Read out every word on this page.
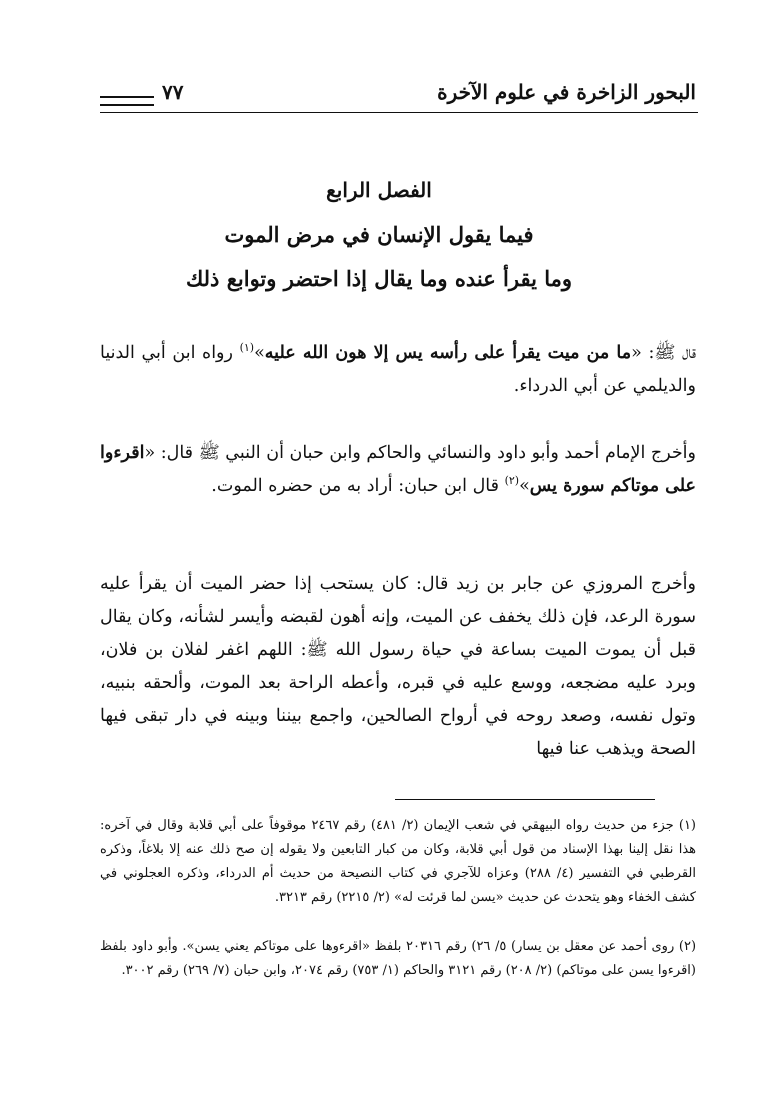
البحور الزاخرة في علوم الآخرة
٧٧
الفصل الرابع
فيما يقول الإنسان في مرض الموت
وما يقرأ عنده وما يقال إذا احتضر وتوابع ذلك
قال ﷺ: «ما من ميت يقرأ على رأسه يس إلا هون الله عليه»$^{(١)}$ رواه ابن أبي الدنيا والديلمي عن أبي الدرداء.
وأخرج الإمام أحمد وأبو داود والنسائي والحاكم وابن حبان أن النبي ﷺ قال: «اقرءوا على موتاكم سورة يس»$^{(٢)}$ قال ابن حبان: أراد به من حضره الموت.
وأخرج المروزي عن جابر بن زيد قال: كان يستحب إذا حضر الميت أن يقرأ عليه سورة الرعد، فإن ذلك يخفف عن الميت، وإنه أهون لقبضه وأيسر لشأنه، وكان يقال قبل أن يموت الميت بساعة في حياة رسول الله ﷺ: اللهم اغفر لفلان بن فلان، وبرد عليه مضجعه، ووسع عليه في قبره، وأعطه الراحة بعد الموت، وألحقه بنبيه، وتول نفسه، وصعد روحه في أرواح الصالحين، واجمع بيننا وبينه في دار تبقى فيها الصحة ويذهب عنا فيها
(١) جزء من حديث رواه البيهقي في شعب الإيمان (٢/ ٤٨١) رقم ٢٤٦٧ موقوفاً على أبي قلابة وقال في آخره: هذا نقل إلينا بهذا الإسناد من قول أبي قلابة، وكان من كبار التابعين ولا يقوله إن صح ذلك عنه إلا بلاغاً، وذكره القرطبي في التفسير (٤/ ٢٨٨) وعزاه للآجري في كتاب النصيحة من حديث أم الدرداء، وذكره العجلوني في كشف الخفاء وهو يتحدث عن حديث «يسن لما قرئت له» (٢/ ٢٢١٥) رقم ٣٢١٣.
(٢) روى أحمد عن معقل بن يسار) ٥/ ٢٦) رقم ٢٠٣١٦ بلفظ «اقرءوها على موتاكم يعني يسن». وأبو داود بلفظ (اقرءوا يسن على موتاكم) (٢/ ٢٠٨) رقم ٣١٢١ والحاكم (١/ ٧٥٣) رقم ٢٠٧٤، وابن حبان (٧/ ٢٦٩) رقم ٣٠٠٢.
